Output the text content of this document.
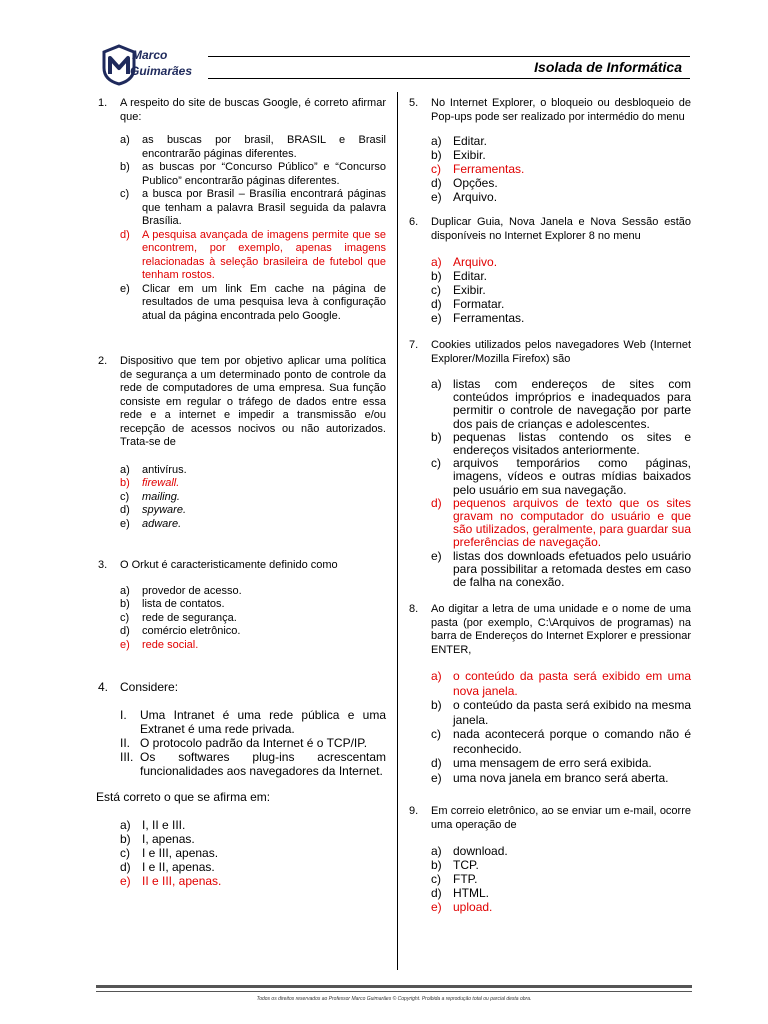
Marco
Guimarães	Isolada de Informática
1. A respeito do site de buscas Google, é correto afirmar que:
a) as buscas por brasil, BRASIL e Brasil encontrarão páginas diferentes.
b) as buscas por “Concurso Público” e “Concurso Publico” encontrarão páginas diferentes.
c) a busca por Brasil – Brasília encontrará páginas que tenham a palavra Brasil seguida da palavra Brasília.
d) A pesquisa avançada de imagens permite que se encontrem, por exemplo, apenas imagens relacionadas à seleção brasileira de futebol que tenham rostos.
e) Clicar em um link Em cache na página de resultados de uma pesquisa leva à configuração atual da página encontrada pelo Google.
2. Dispositivo que tem por objetivo aplicar uma política de segurança a um determinado ponto de controle da rede de computadores de uma empresa. Sua função consiste em regular o tráfego de dados entre essa rede e a internet e impedir a transmissão e/ou recepção de acessos nocivos ou não autorizados. Trata-se de
a) antivírus.
b) firewall.
c) mailing.
d) spyware.
e) adware.
3. O Orkut é caracteristicamente definido como
a) provedor de acesso.
b) lista de contatos.
c) rede de segurança.
d) comércio eletrônico.
e) rede social.
4. Considere:
I. Uma Intranet é uma rede pública e uma Extranet é uma rede privada.
II. O protocolo padrão da Internet é o TCP/IP.
III. Os softwares plug-ins acrescentam funcionalidades aos navegadores da Internet.
Está correto o que se afirma em:
a) I, II e III.
b) I, apenas.
c) I e III, apenas.
d) I e II, apenas.
e) II e III, apenas.
5. No Internet Explorer, o bloqueio ou desbloqueio de Pop-ups pode ser realizado por intermédio do menu
a) Editar.
b) Exibir.
c) Ferramentas.
d) Opções.
e) Arquivo.
6. Duplicar Guia, Nova Janela e Nova Sessão estão disponíveis no Internet Explorer 8 no menu
a) Arquivo.
b) Editar.
c) Exibir.
d) Formatar.
e) Ferramentas.
7. Cookies utilizados pelos navegadores Web (Internet Explorer/Mozilla Firefox) são
a) listas com endereços de sites com conteúdos impróprios e inadequados para permitir o controle de navegação por parte dos pais de crianças e adolescentes.
b) pequenas listas contendo os sites e endereços visitados anteriormente.
c) arquivos temporários como páginas, imagens, vídeos e outras mídias baixados pelo usuário em sua navegação.
d) pequenos arquivos de texto que os sites gravam no computador do usuário e que são utilizados, geralmente, para guardar sua preferências de navegação.
e) listas dos downloads efetuados pelo usuário para possibilitar a retomada destes em caso de falha na conexão.
8. Ao digitar a letra de uma unidade e o nome de uma pasta (por exemplo, C:\Arquivos de programas) na barra de Endereços do Internet Explorer e pressionar ENTER,
a) o conteúdo da pasta será exibido em uma nova janela.
b) o conteúdo da pasta será exibido na mesma janela.
c) nada acontecerá porque o comando não é reconhecido.
d) uma mensagem de erro será exibida.
e) uma nova janela em branco será aberta.
9. Em correio eletrônico, ao se enviar um e-mail, ocorre uma operação de
a) download.
b) TCP.
c) FTP.
d) HTML.
e) upload.
Todos os direitos reservados ao Professor Marco Guimarães © Copyright. Proibida a reprodução total ou parcial desta obra.
